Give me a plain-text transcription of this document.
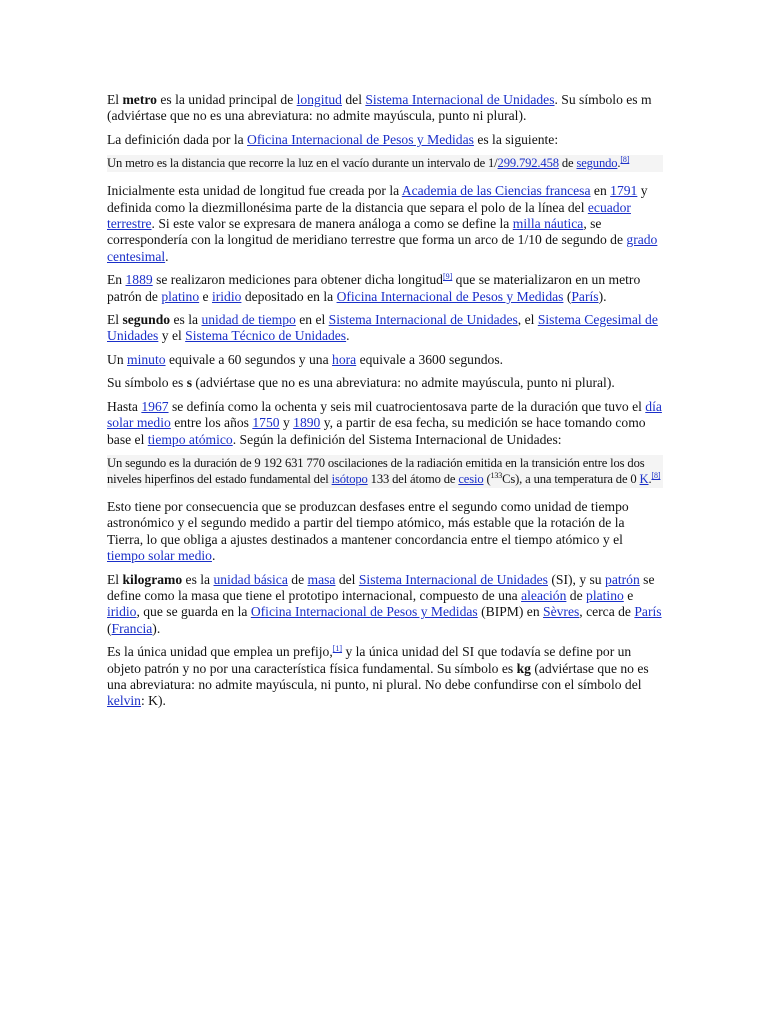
El metro es la unidad principal de longitud del Sistema Internacional de Unidades. Su símbolo es m (adviértase que no es una abreviatura: no admite mayúscula, punto ni plural).

La definición dada por la Oficina Internacional de Pesos y Medidas es la siguiente:

Un metro es la distancia que recorre la luz en el vacío durante un intervalo de 1/299.792.458 de segundo.[8]

Inicialmente esta unidad de longitud fue creada por la Academia de las Ciencias francesa en 1791 y definida como la diezmillonésima parte de la distancia que separa el polo de la línea del ecuador terrestre. Si este valor se expresara de manera análoga a como se define la milla náutica, se correspondería con la longitud de meridiano terrestre que forma un arco de 1/10 de segundo de grado centesimal.

En 1889 se realizaron mediciones para obtener dicha longitud[9] que se materializaron en un metro patrón de platino e iridio depositado en la Oficina Internacional de Pesos y Medidas (París).

El segundo es la unidad de tiempo en el Sistema Internacional de Unidades, el Sistema Cegesimal de Unidades y el Sistema Técnico de Unidades.

Un minuto equivale a 60 segundos y una hora equivale a 3600 segundos.

Su símbolo es s (adviértase que no es una abreviatura: no admite mayúscula, punto ni plural).

Hasta 1967 se definía como la ochenta y seis mil cuatrocientosava parte de la duración que tuvo el día solar medio entre los años 1750 y 1890 y, a partir de esa fecha, su medición se hace tomando como base el tiempo atómico. Según la definición del Sistema Internacional de Unidades:

Un segundo es la duración de 9 192 631 770 oscilaciones de la radiación emitida en la transición entre los dos niveles hiperfinos del estado fundamental del isótopo 133 del átomo de cesio ($^{133}$Cs), a una temperatura de 0 K.[8]

Esto tiene por consecuencia que se produzcan desfases entre el segundo como unidad de tiempo astronómico y el segundo medido a partir del tiempo atómico, más estable que la rotación de la Tierra, lo que obliga a ajustes destinados a mantener concordancia entre el tiempo atómico y el tiempo solar medio.

El kilogramo es la unidad básica de masa del Sistema Internacional de Unidades (SI), y su patrón se define como la masa que tiene el prototipo internacional, compuesto de una aleación de platino e iridio, que se guarda en la Oficina Internacional de Pesos y Medidas (BIPM) en Sèvres, cerca de París (Francia).

Es la única unidad que emplea un prefijo,[1] y la única unidad del SI que todavía se define por un objeto patrón y no por una característica física fundamental. Su símbolo es kg (adviértase que no es una abreviatura: no admite mayúscula, ni punto, ni plural. No debe confundirse con el símbolo del kelvin: K).
